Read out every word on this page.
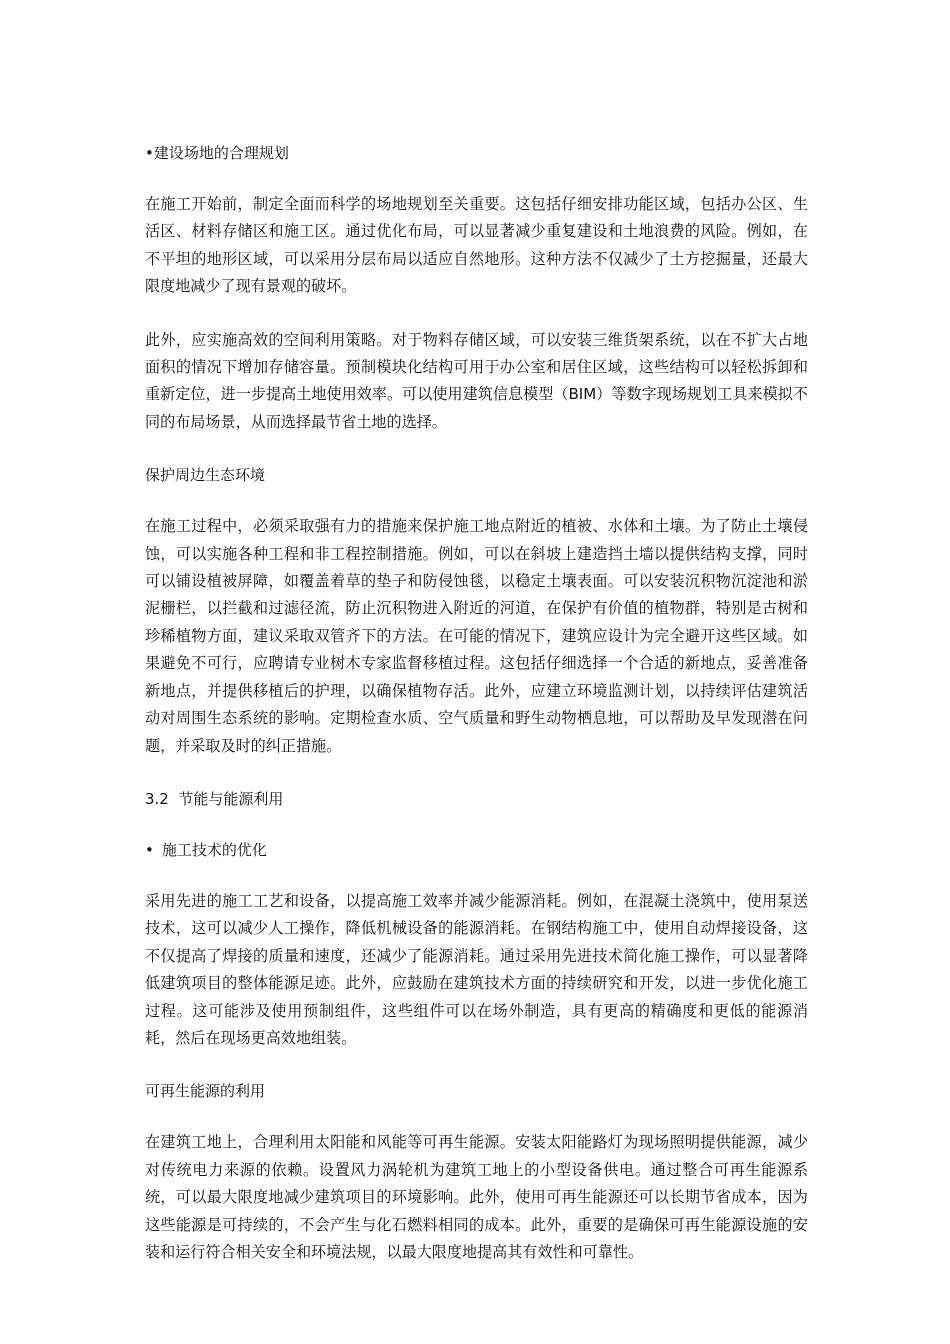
•建设场地的合理规划

在施工开始前，制定全面而科学的场地规划至关重要。这包括仔细安排功能区域，包括办公区、生活区、材料存储区和施工区。通过优化布局，可以显著减少重复建设和土地浪费的风险。例如，在不平坦的地形区域，可以采用分层布局以适应自然地形。这种方法不仅减少了土方挖掘量，还最大限度地减少了现有景观的破坏。

此外，应实施高效的空间利用策略。对于物料存储区域，可以安装三维货架系统，以在不扩大占地面积的情况下增加存储容量。预制模块化结构可用于办公室和居住区域，这些结构可以轻松拆卸和重新定位，进一步提高土地使用效率。可以使用建筑信息模型（BIM）等数字现场规划工具来模拟不同的布局场景，从而选择最节省土地的选择。

保护周边生态环境

在施工过程中，必须采取强有力的措施来保护施工地点附近的植被、水体和土壤。为了防止土壤侵蚀，可以实施各种工程和非工程控制措施。例如，可以在斜坡上建造挡土墙以提供结构支撑，同时可以铺设植被屏障，如覆盖着草的垫子和防侵蚀毯，以稳定土壤表面。可以安装沉积物沉淀池和淤泥栅栏，以拦截和过滤径流，防止沉积物进入附近的河道，在保护有价值的植物群，特别是古树和珍稀植物方面，建议采取双管齐下的方法。在可能的情况下，建筑应设计为完全避开这些区域。如果避免不可行，应聘请专业树木专家监督移植过程。这包括仔细选择一个合适的新地点，妥善准备新地点，并提供移植后的护理，以确保植物存活。此外，应建立环境监测计划，以持续评估建筑活动对周围生态系统的影响。定期检查水质、空气质量和野生动物栖息地，可以帮助及早发现潜在问题，并采取及时的纠正措施。

3.2  节能与能源利用
• 施工技术的优化

采用先进的施工工艺和设备，以提高施工效率并减少能源消耗。例如，在混凝土浇筑中，使用泵送技术，这可以减少人工操作，降低机械设备的能源消耗。在钢结构施工中，使用自动焊接设备，这不仅提高了焊接的质量和速度，还减少了能源消耗。通过采用先进技术简化施工操作，可以显著降低建筑项目的整体能源足迹。此外，应鼓励在建筑技术方面的持续研究和开发，以进一步优化施工过程。这可能涉及使用预制组件，这些组件可以在场外制造，具有更高的精确度和更低的能源消耗，然后在现场更高效地组装。

可再生能源的利用

在建筑工地上，合理利用太阳能和风能等可再生能源。安装太阳能路灯为现场照明提供能源，减少对传统电力来源的依赖。设置风力涡轮机为建筑工地上的小型设备供电。通过整合可再生能源系统，可以最大限度地减少建筑项目的环境影响。此外，使用可再生能源还可以长期节省成本，因为这些能源是可持续的，不会产生与化石燃料相同的成本。此外，重要的是确保可再生能源设施的安装和运行符合相关安全和环境法规，以最大限度地提高其有效性和可靠性。
